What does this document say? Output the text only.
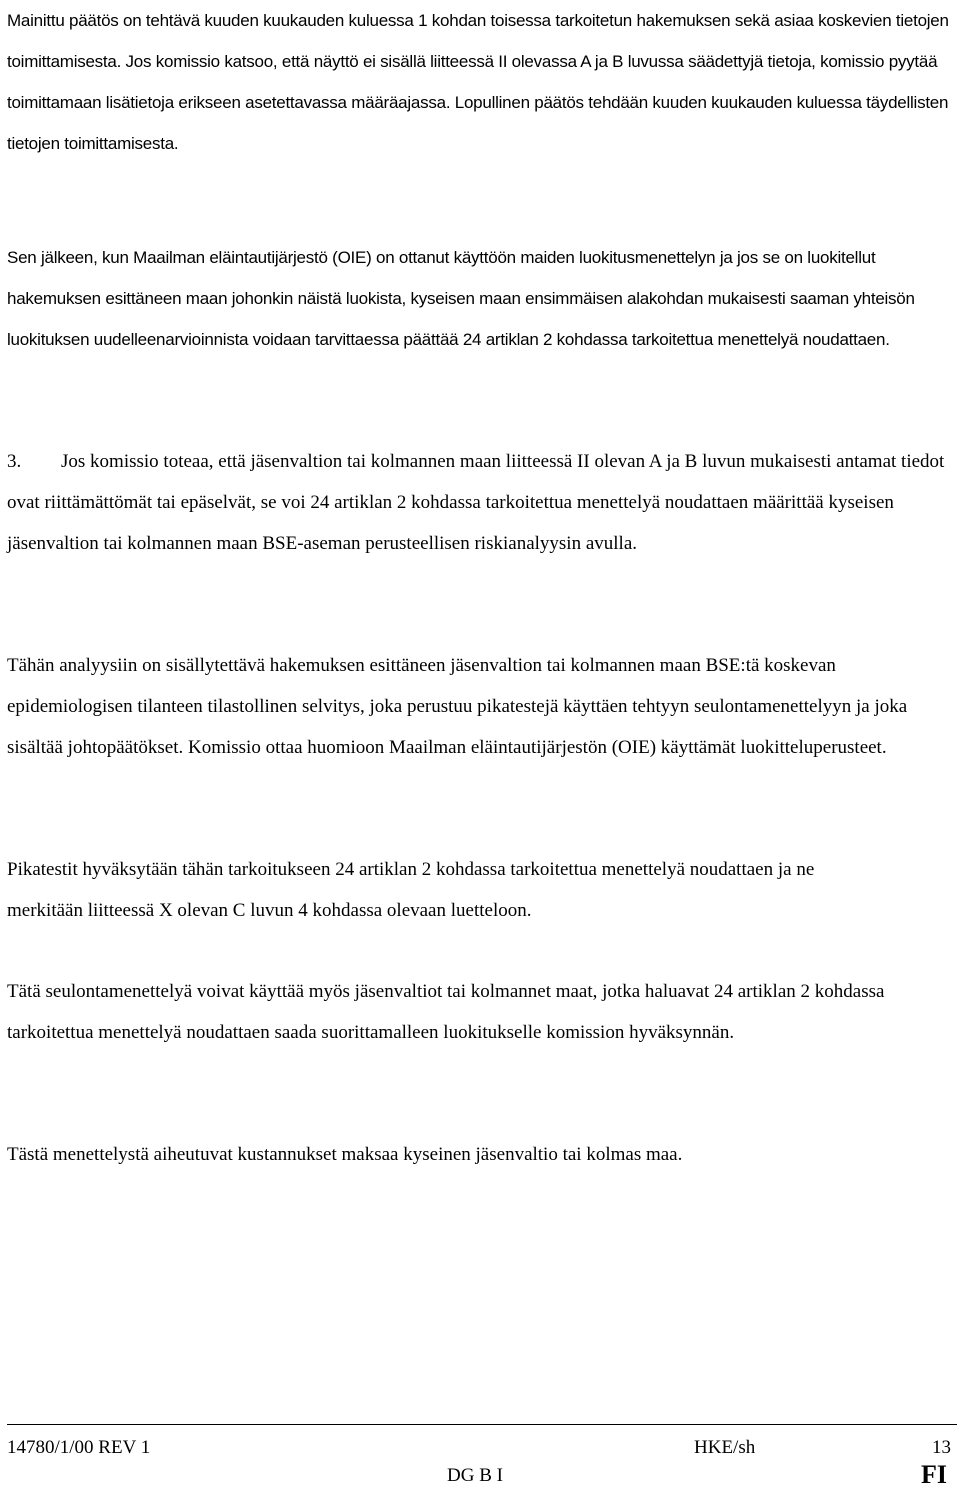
Mainittu päätös on tehtävä kuuden kuukauden kuluessa 1 kohdan toisessa tarkoitetun hakemuksen sekä asiaa koskevien tietojen toimittamisesta. Jos komissio katsoo, että näyttö ei sisällä liitteessä II olevassa A ja B luvussa säädettyjä tietoja, komissio pyytää toimittamaan lisätietoja erikseen asetettavassa määräajassa. Lopullinen päätös tehdään kuuden kuukauden kuluessa täydellisten tietojen toimittamisesta.
Sen jälkeen, kun Maailman eläintautijärjestö (OIE) on ottanut käyttöön maiden luokitusmenettelyn ja jos se on luokitellut hakemuksen esittäneen maan johonkin näistä luokista, kyseisen maan ensimmäisen alakohdan mukaisesti saaman yhteisön luokituksen uudelleenarvioinnista voidaan tarvittaessa päättää 24 artiklan 2 kohdassa tarkoitettua menettelyä noudattaen.
3. Jos komissio toteaa, että jäsenvaltion tai kolmannen maan liitteessä II olevan A ja B luvun mukaisesti antamat tiedot ovat riittämättömät tai epäselvät, se voi 24 artiklan 2 kohdassa tarkoitettua menettelyä noudattaen määrittää kyseisen jäsenvaltion tai kolmannen maan BSE-aseman perusteellisen riskianalyysin avulla.
Tähän analyysiin on sisällytettävä hakemuksen esittäneen jäsenvaltion tai kolmannen maan BSE:tä koskevan epidemiologisen tilanteen tilastollinen selvitys, joka perustuu pikatestejä käyttäen tehtyyn seulontamenettelyyn ja joka sisältää johtopäätökset. Komissio ottaa huomioon Maailman eläintautijärjestön (OIE) käyttämät luokitteluperusteet.
Pikatestit hyväksytään tähän tarkoitukseen 24 artiklan 2 kohdassa tarkoitettua menettelyä noudattaen ja ne merkitään liitteessä X olevan C luvun 4 kohdassa olevaan luetteloon.
Tätä seulontamenettelyä voivat käyttää myös jäsenvaltiot tai kolmannet maat, jotka haluavat 24 artiklan 2 kohdassa tarkoitettua menettelyä noudattaen saada suorittamalleen luokitukselle komission hyväksynnän.
Tästä menettelystä aiheutuvat kustannukset maksaa kyseinen jäsenvaltio tai kolmas maa.
14780/1/00 REV 1	HKE/sh	13
DG B I	FI
